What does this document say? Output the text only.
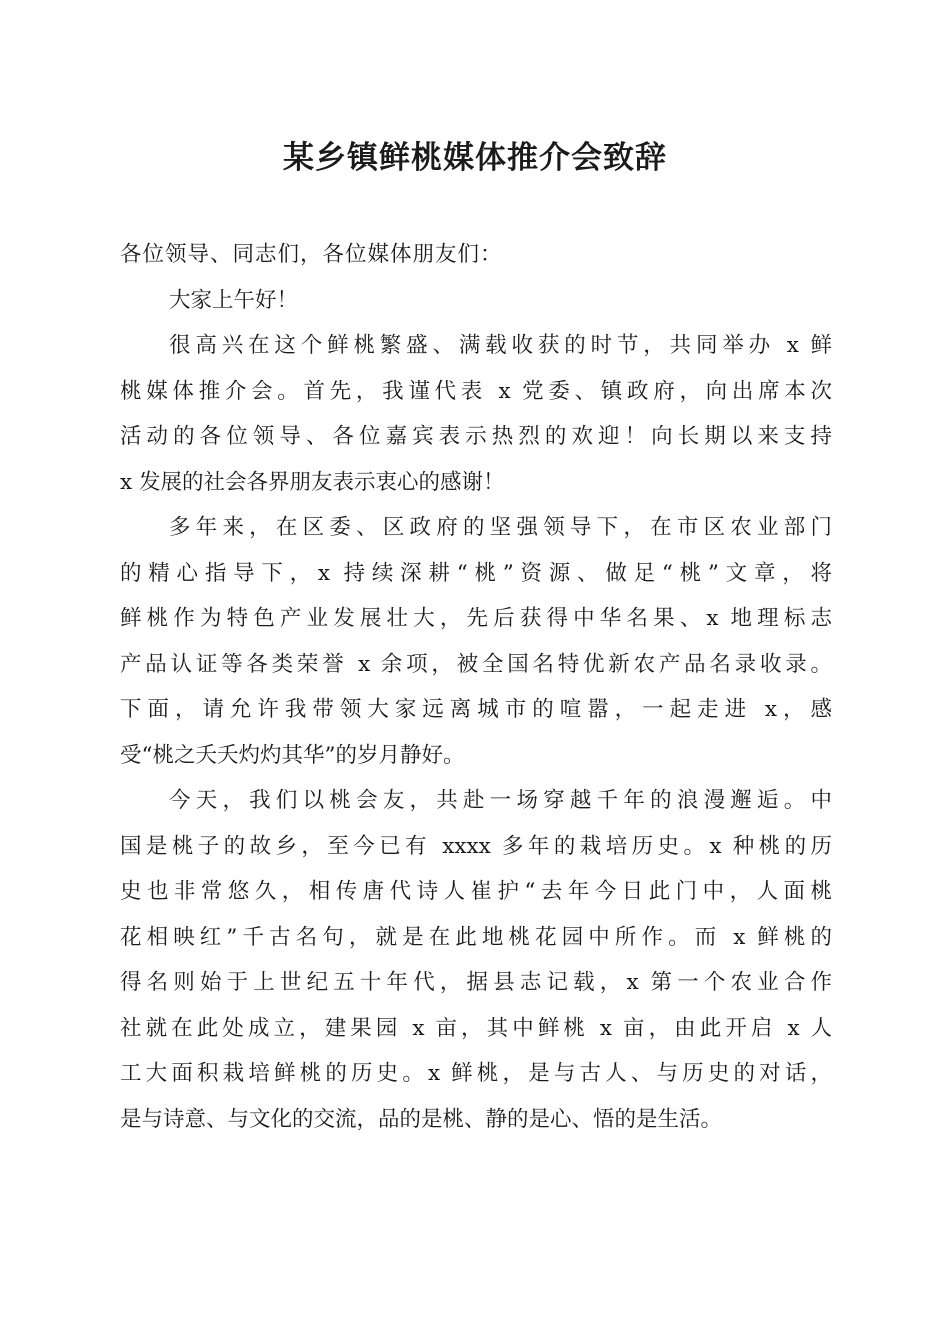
某乡镇鲜桃媒体推介会致辞
各位领导、同志们，各位媒体朋友们：
大家上午好！
很高兴在这个鲜桃繁盛、满载收获的时节，共同举办 x 鲜
桃媒体推介会。首先，我谨代表 x 党委、镇政府，向出席本次
活动的各位领导、各位嘉宾表示热烈的欢迎！向长期以来支持
x 发展的社会各界朋友表示衷心的感谢！
多年来，在区委、区政府的坚强领导下，在市区农业部门
的精心指导下，x 持续深耕“桃”资源、做足“桃”文章，将
鲜桃作为特色产业发展壮大，先后获得中华名果、x 地理标志
产品认证等各类荣誉 x 余项，被全国名特优新农产品名录收录。
下面，请允许我带领大家远离城市的喧嚣，一起走进 x，感
受“桃之夭夭灼灼其华”的岁月静好。
今天，我们以桃会友，共赴一场穿越千年的浪漫邂逅。中
国是桃子的故乡，至今已有 xxxx 多年的栽培历史。x 种桃的历
史也非常悠久，相传唐代诗人崔护“去年今日此门中，人面桃
花相映红”千古名句，就是在此地桃花园中所作。而 x 鲜桃的
得名则始于上世纪五十年代，据县志记载，x 第一个农业合作
社就在此处成立，建果园 x 亩，其中鲜桃 x 亩，由此开启 x 人
工大面积栽培鲜桃的历史。x 鲜桃，是与古人、与历史的对话，
是与诗意、与文化的交流，品的是桃、静的是心、悟的是生活。
